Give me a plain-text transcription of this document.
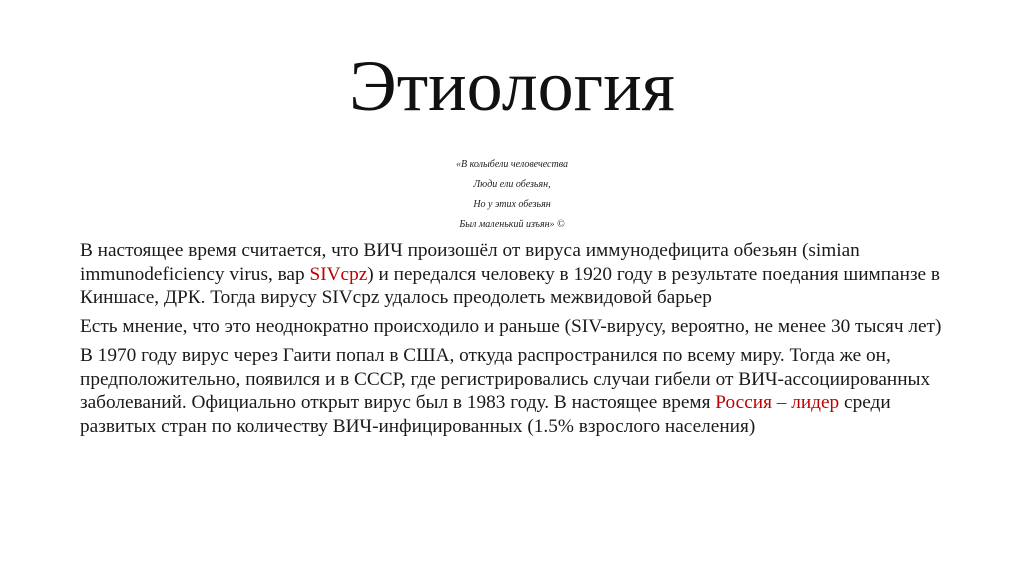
Этиология
«В колыбели человечества
Люди ели обезьян,
Но у этих обезьян
Был маленький изъян» ©

В настоящее время считается, что ВИЧ произошёл от вируса иммунодефицита обезьян (simian immunodeficiency virus, вар SIVcpz) и передался человеку в 1920 году в результате поедания шимпанзе в Киншасе, ДРК. Тогда вирусу SIVcpz удалось преодолеть межвидовой барьер

Есть мнение, что это неоднократно происходило и раньше (SIV-вирусу, вероятно, не менее 30 тысяч лет)

В 1970 году вирус через Гаити попал в США, откуда распространился по всему миру. Тогда же он, предположительно, появился и в СССР, где регистрировались случаи гибели от ВИЧ-ассоциированных заболеваний. Официально открыт вирус был в 1983 году. В настоящее время Россия – лидер среди развитых стран по количеству ВИЧ-инфицированных (1.5% взрослого населения)
